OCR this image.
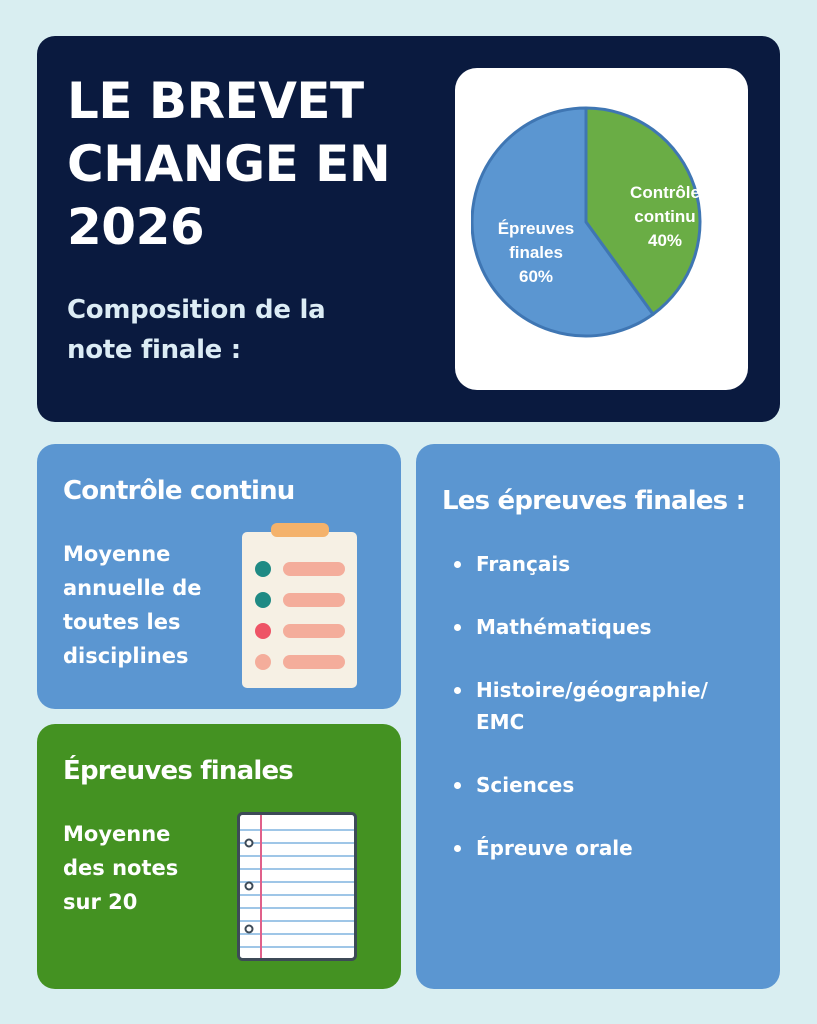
LE BREVET CHANGE EN 2026
Composition de la note finale :
Contrôle
continu
40%
Épreuves
finales
60%
Contrôle continu
Moyenne
annuelle de
toutes les
disciplines
Épreuves finales
Moyenne
des notes
sur 20
Les épreuves finales :
Français
Mathématiques
Histoire/géographie/ EMC
Sciences
Épreuve orale
